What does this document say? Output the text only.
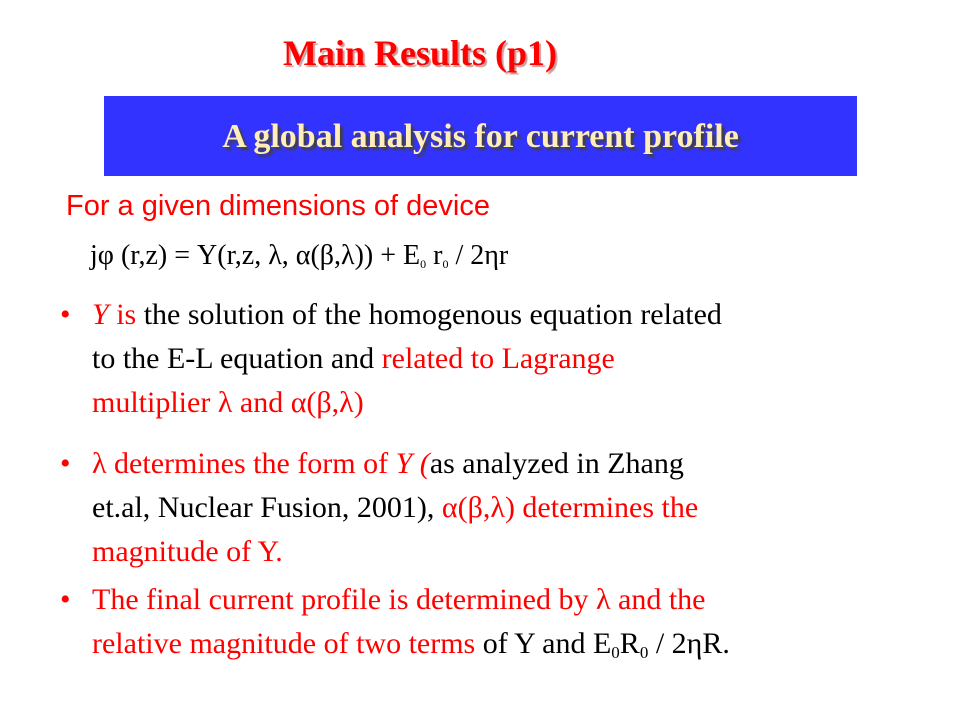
Main Results (p1)
A global analysis for current profile
For a given dimensions of device
jφ (r,z) = Y(r,z, λ, $\alpha(\beta,\lambda)) + E_0$ $r_0 / 2\eta r$
• Y is the solution of the homogenous equation related
to the E-L equation and related to Lagrange
multiplier λ and α(β,λ)
• λ determines the form of Y (as analyzed in Zhang
et.al, Nuclear Fusion, 2001), α(β,λ) determines the
magnitude of Y.
• The final current profile is determined by λ and the
relative magnitude of two terms of Y and $E_0R_0 / 2\eta R$.
